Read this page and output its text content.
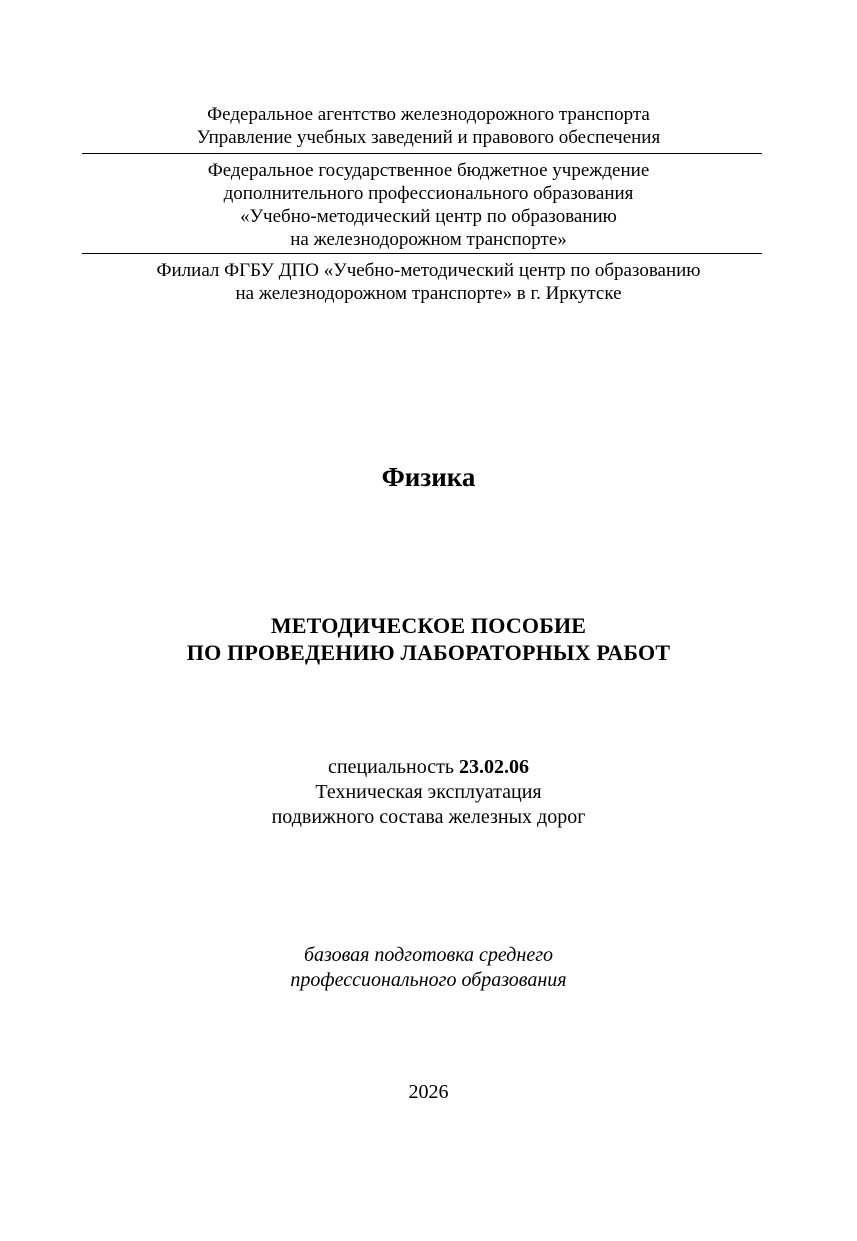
Федеральное агентство железнодорожного транспорта
Управление учебных заведений и правового обеспечения
Федеральное государственное бюджетное учреждение
дополнительного профессионального образования
«Учебно-методический центр по образованию
на железнодорожном транспорте»
Филиал ФГБУ ДПО «Учебно-методический центр по образованию
на железнодорожном транспорте» в г. Иркутске
Физика
МЕТОДИЧЕСКОЕ ПОСОБИЕ
ПО ПРОВЕДЕНИЮ ЛАБОРАТОРНЫХ РАБОТ
специальность 23.02.06
Техническая эксплуатация
подвижного состава железных дорог
базовая подготовка среднего
профессионального образования
2026
